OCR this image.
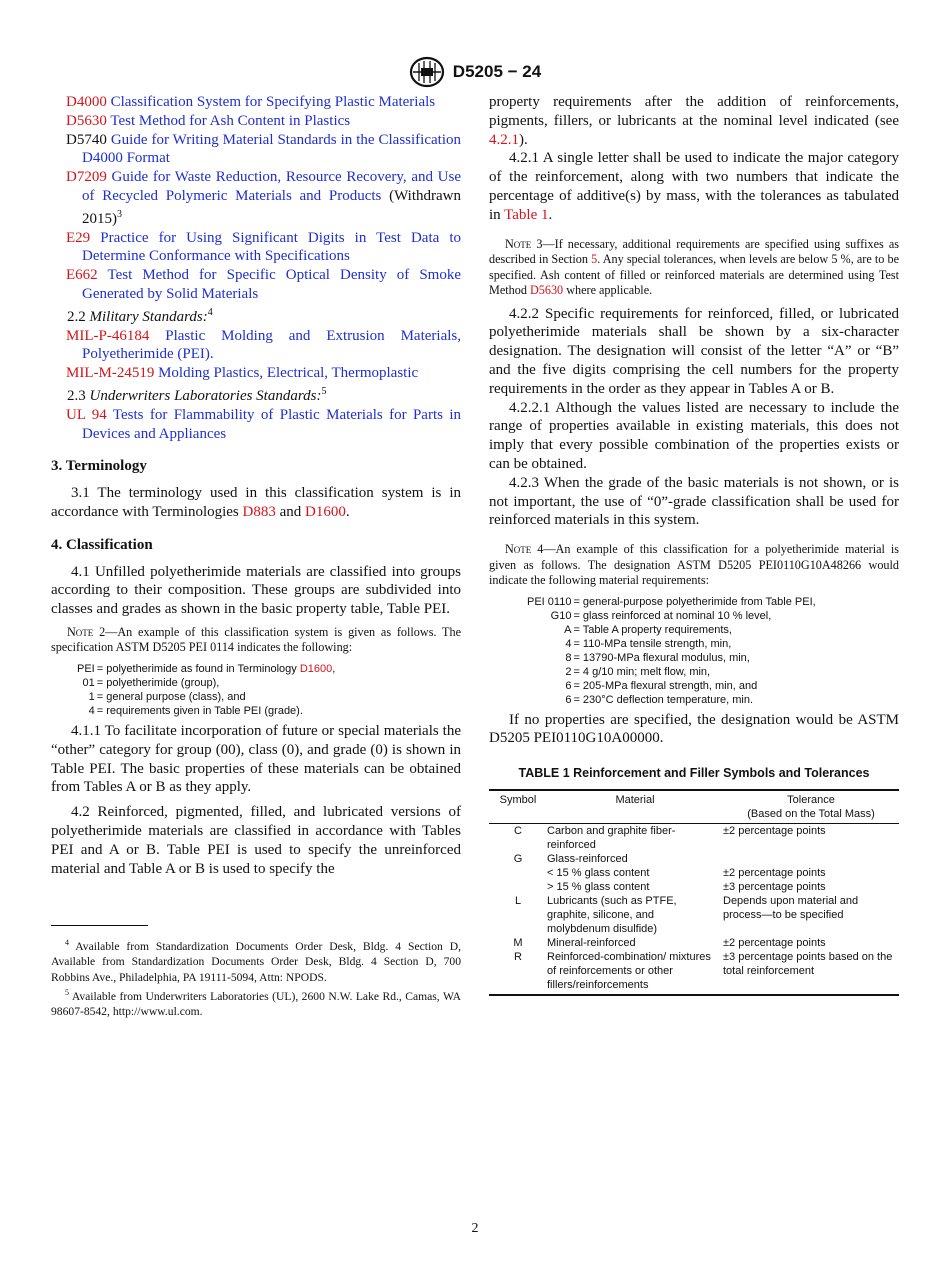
D5205 − 24

D4000 Classification System for Specifying Plastic Materials

D5630 Test Method for Ash Content in Plastics

D5740 Guide for Writing Material Standards in the Classification D4000 Format

D7209 Guide for Waste Reduction, Resource Recovery, and Use of Recycled Polymeric Materials and Products (Withdrawn 2015)$^3$

E29 Practice for Using Significant Digits in Test Data to Determine Conformance with Specifications

E662 Test Method for Specific Optical Density of Smoke Generated by Solid Materials

2.2 Military Standards:$^4$

MIL-P-46184 Plastic Molding and Extrusion Materials, Polyetherimide (PEI).

MIL-M-24519 Molding Plastics, Electrical, Thermoplastic

2.3 Underwriters Laboratories Standards:$^5$

UL 94 Tests for Flammability of Plastic Materials for Parts in Devices and Appliances

3. Terminology

3.1 The terminology used in this classification system is in accordance with Terminologies D883 and D1600.

4. Classification

4.1 Unfilled polyetherimide materials are classified into groups according to their composition. These groups are subdivided into classes and grades as shown in the basic property table, Table PEI.

Note 2—An example of this classification system is given as follows. The specification ASTM D5205 PEI 0114 indicates the following:

PEI	= polyetherimide as found in Terminology D1600,
01	= polyetherimide (group),
1	= general purpose (class), and
4	= requirements given in Table PEI (grade).

4.1.1 To facilitate incorporation of future or special materials the “other” category for group (00), class (0), and grade (0) is shown in Table PEI. The basic properties of these materials can be obtained from Tables A or B as they apply.

4.2 Reinforced, pigmented, filled, and lubricated versions of polyetherimide materials are classified in accordance with Tables PEI and A or B. Table PEI is used to specify the unreinforced material and Table A or B is used to specify the

property requirements after the addition of reinforcements, pigments, fillers, or lubricants at the nominal level indicated (see 4.2.1).

4.2.1 A single letter shall be used to indicate the major category of the reinforcement, along with two numbers that indicate the percentage of additive(s) by mass, with the tolerances as tabulated in Table 1.

Note 3—If necessary, additional requirements are specified using suffixes as described in Section 5. Any special tolerances, when levels are below 5 %, are to be specified. Ash content of filled or reinforced materials are determined using Test Method D5630 where applicable.

4.2.2 Specific requirements for reinforced, filled, or lubricated polyetherimide materials shall be shown by a six-character designation. The designation will consist of the letter “A” or “B” and the five digits comprising the cell numbers for the property requirements in the order as they appear in Tables A or B.

4.2.2.1 Although the values listed are necessary to include the range of properties available in existing materials, this does not imply that every possible combination of the properties exists or can be obtained.

4.2.3 When the grade of the basic materials is not shown, or is not important, the use of “0”-grade classification shall be used for reinforced materials in this system.

Note 4—An example of this classification for a polyetherimide material is given as follows. The designation ASTM D5205 PEI0110G10A48266 would indicate the following material requirements:

PEI 0110	= general-purpose polyetherimide from Table PEI,
G10	= glass reinforced at nominal 10 % level,
A	= Table A property requirements,
4	= 110-MPa tensile strength, min,
8	= 13790-MPa flexural modulus, min,
2	= 4 g/10 min; melt flow, min,
6	= 205-MPa flexural strength, min, and
6	= 230°C deflection temperature, min.

If no properties are specified, the designation would be ASTM D5205 PEI0110G10A00000.

TABLE 1 Reinforcement and Filler Symbols and Tolerances
Symbol	Material	Tolerance
(Based on the Total Mass)
C	Carbon and graphite fiber-reinforced	±2 percentage points
G	Glass-reinforced	
	< 15 % glass content	±2 percentage points
	> 15 % glass content	±3 percentage points
L	Lubricants (such as PTFE, graphite, silicone, and molybdenum disulfide)	Depends upon material and process—to be specified
M	Mineral-reinforced	±2 percentage points
R	Reinforced-combination/ mixtures of reinforcements or other fillers/reinforcements	±3 percentage points based on the total reinforcement

$^4$ Available from Standardization Documents Order Desk, Bldg. 4 Section D, Available from Standardization Documents Order Desk, Bldg. 4 Section D, 700 Robbins Ave., Philadelphia, PA 19111-5094, Attn: NPODS.

$^5$ Available from Underwriters Laboratories (UL), 2600 N.W. Lake Rd., Camas, WA 98607-8542, http://www.ul.com.

2
